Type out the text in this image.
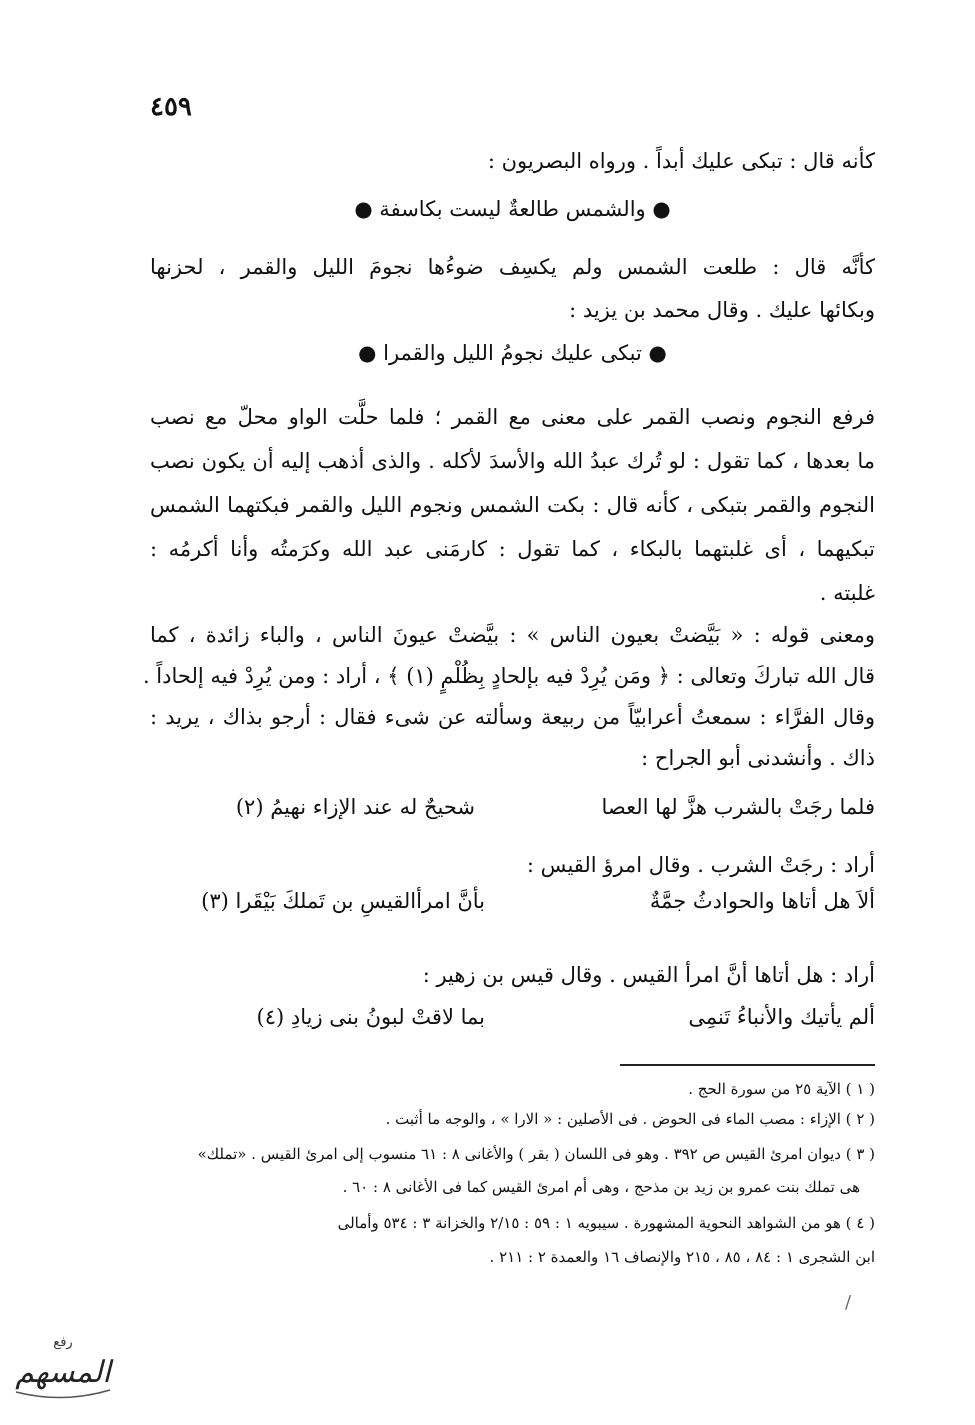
٤٥٩
كأنه قال : تبكى عليك أبداً . ورواه البصريون :
● والشمس طالعةٌ ليست بكاسفة ●
كأنَّه قال : طلعت الشمس ولم يكسِف ضوءُها نجومَ الليل والقمر ، لحزنها
وبكائها عليك . وقال محمد بن يزيد :
● تبكى عليك نجومُ الليل والقمرا ●
فرفع النجوم ونصب القمر على معنى مع القمر ؛ فلما حلَّت الواو محلّ مع نصب
ما بعدها ، كما تقول : لو تُرك عبدُ الله والأسدَ لأكله . والذى أذهب إليه أن يكون نصب
النجوم والقمر بتبكى ، كأنه قال : بكت الشمس ونجوم الليل والقمر فبكتهما الشمس
تبكيهما ، أى غلبتهما بالبكاء ، كما تقول : كارمَنى عبد الله وكرَمتُه وأنا أكرمُه :
غلبته .
ومعنى قوله : « بَيَّضتْ بعيون الناس » : بيَّضتْ عيونَ الناس ، والباء زائدة ، كما
قال الله تباركَ وتعالى : ﴿ ومَن يُرِدْ فيه بإلحادٍ بِظُلْمٍ (١) ﴾ ، أراد : ومن يُرِدْ فيه إلحاداً .
وقال الفرَّاء : سمعتُ أعرابيّاً من ربيعة وسألته عن شىء فقال : أرجو بذاك ، يريد :
ذاك . وأنشدنى أبو الجراح :
فلما رجَتْ بالشرب هزَّ لها العصا
شحيحٌ له عند الإزاء نهيمُ (٢)
أراد : رجَتْ الشرب . وقال امرؤ القيس :
ألاَ هل أتاها والحوادثُ جمَّةٌ
بأنَّ امرأالقيسِ بن تَملكَ بَيْقَرا (٣)
أراد : هل أتاها أنَّ امرأ القيس . وقال قيس بن زهير :
ألم يأتيك والأنباءُ تَنمِى
بما لاقتْ لبونُ بنى زيادِ (٤)
( ١ ) الآية ٢٥ من سورة الحج .
( ٢ ) الإزاء : مصب الماء فى الحوض . فى الأصلين : « الارا » ، والوجه ما أثبت .
( ٣ ) ديوان امرئ القيس ص ٣٩٢ . وهو فى اللسان ( بقر ) والأغانى ٨ : ٦١ منسوب إلى امرئ القيس . «تملك»
هى تملك بنت عمرو بن زيد بن مذحج ، وهى أم امرئ القيس كما فى الأغانى ٨ : ٦٠ .
( ٤ ) هو من الشواهد النحوية المشهورة . سيبويه ١ : ٥٩ : ٢/١٥ والخزانة ٣ : ٥٣٤ وأمالى
ابن الشجرى ١ : ٨٤ ، ٨٥ ، ٢١٥ والإنصاف ١٦ والعمدة ٢ : ٢١١ .
/
رفع
المسهم
